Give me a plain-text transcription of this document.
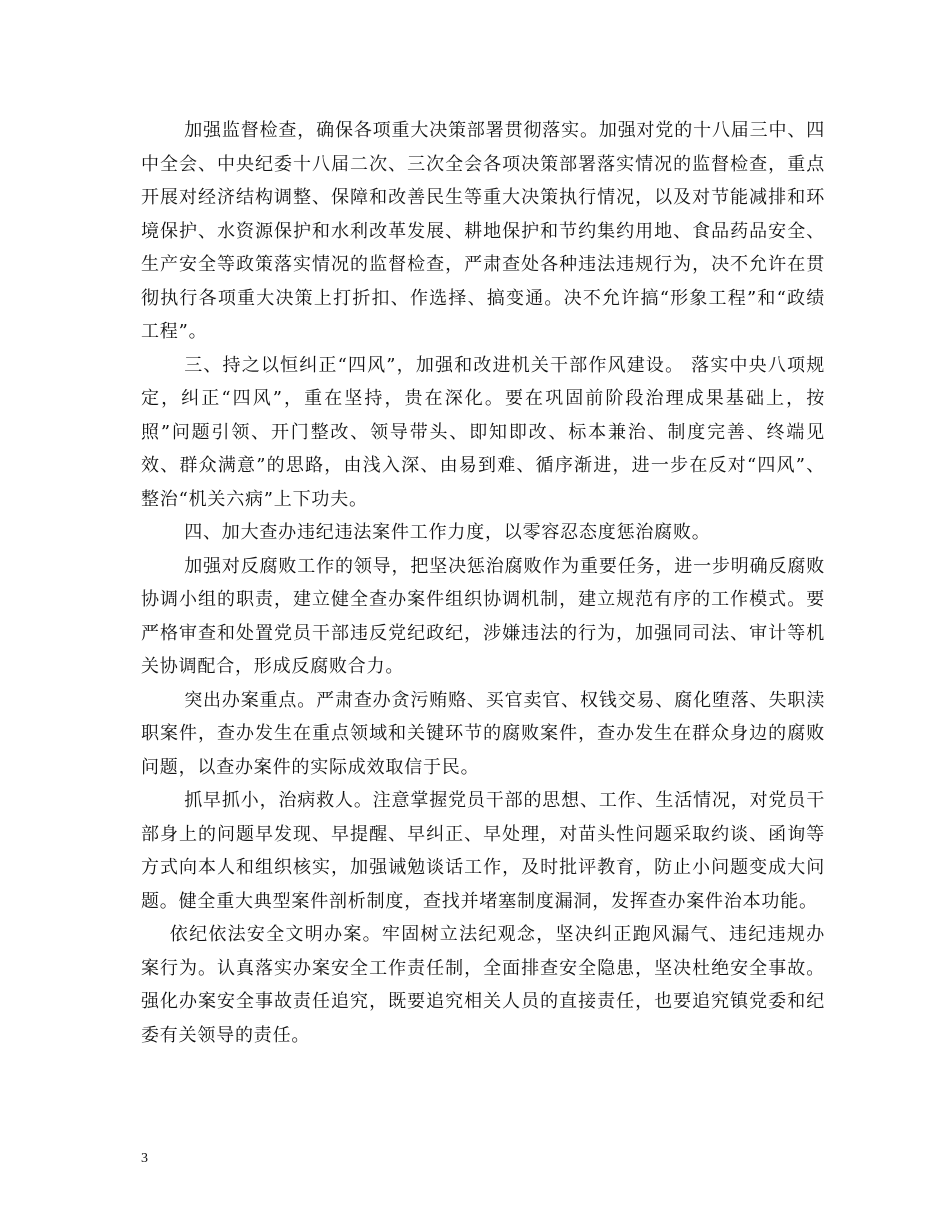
加强监督检查，确保各项重大决策部署贯彻落实。加强对党的十八届三中、四中全会、中央纪委十八届二次、三次全会各项决策部署落实情况的监督检查，重点开展对经济结构调整、保障和改善民生等重大决策执行情况，以及对节能减排和环境保护、水资源保护和水利改革发展、耕地保护和节约集约用地、食品药品安全、生产安全等政策落实情况的监督检查，严肃查处各种违法违规行为，决不允许在贯彻执行各项重大决策上打折扣、作选择、搞变通。决不允许搞“形象工程”和“政绩工程”。

三、持之以恒纠正“四风”，加强和改进机关干部作风建设。 落实中央八项规定，纠正“四风”，重在坚持，贵在深化。要在巩固前阶段治理成果基础上，按照”问题引领、开门整改、领导带头、即知即改、标本兼治、制度完善、终端见效、群众满意”的思路，由浅入深、由易到难、循序渐进，进一步在反对“四风”、整治“机关六病”上下功夫。

四、加大查办违纪违法案件工作力度，以零容忍态度惩治腐败。

加强对反腐败工作的领导，把坚决惩治腐败作为重要任务，进一步明确反腐败协调小组的职责，建立健全查办案件组织协调机制，建立规范有序的工作模式。要严格审查和处置党员干部违反党纪政纪，涉嫌违法的行为，加强同司法、审计等机关协调配合，形成反腐败合力。

突出办案重点。严肃查办贪污贿赂、买官卖官、权钱交易、腐化堕落、失职渎职案件，查办发生在重点领域和关键环节的腐败案件，查办发生在群众身边的腐败问题，以查办案件的实际成效取信于民。

抓早抓小，治病救人。注意掌握党员干部的思想、工作、生活情况，对党员干部身上的问题早发现、早提醒、早纠正、早处理，对苗头性问题采取约谈、函询等方式向本人和组织核实，加强诫勉谈话工作，及时批评教育，防止小问题变成大问题。健全重大典型案件剖析制度，查找并堵塞制度漏洞，发挥查办案件治本功能。

依纪依法安全文明办案。牢固树立法纪观念，坚决纠正跑风漏气、违纪违规办案行为。认真落实办案安全工作责任制，全面排查安全隐患，坚决杜绝安全事故。强化办案安全事故责任追究，既要追究相关人员的直接责任，也要追究镇党委和纪委有关领导的责任。

3
